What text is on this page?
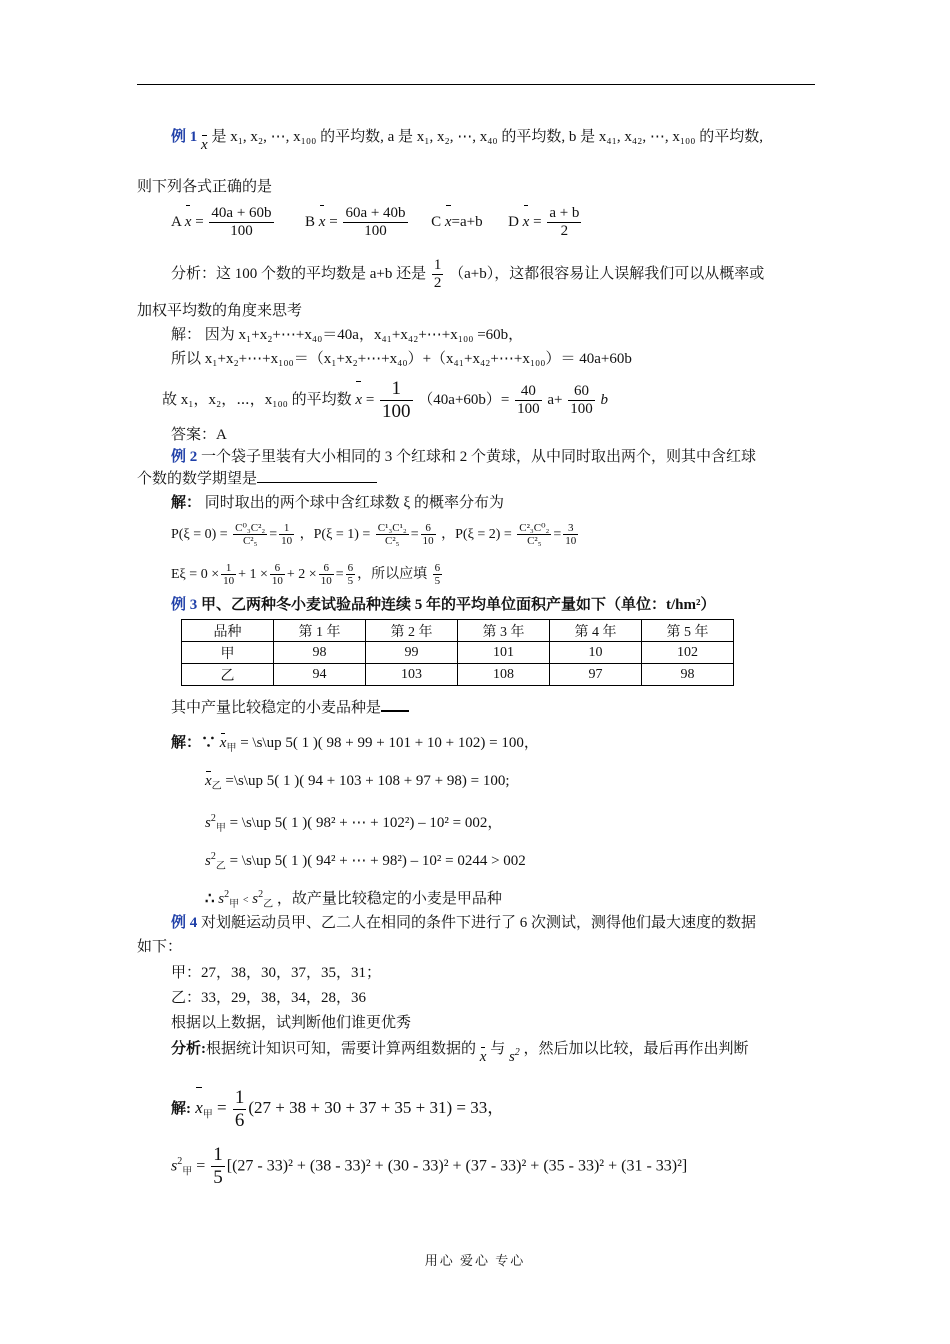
例 1 x 是 x₁, x₂, ⋯, x₁₀₀ 的平均数, a 是 x₁, x₂, ⋯, x₄₀ 的平均数, b 是 x₄₁, x₄₂, ⋯, x₁₀₀ 的平均数,
则下列各式正确的是
A $x = \frac{40a + 60b}{100}$ B $x = \frac{60a + 40b}{100}$ C x=a+b D $x = \frac{a + b}{2}$
分析：这 100 个数的平均数是 a+b 还是 $\frac{1}{2} (a+b)$，这都很容易让人误解我们可以从概率或
加权平均数的角度来思考
解： 因为 x₁+x₂+⋯+x₄₀＝40a，x₄₁+x₄₂+⋯+x₁₀₀ =60b，
所以 x₁+x₂+⋯+x₁₀₀＝（x₁+x₂+⋯+x₄₀）+（x₄₁+x₄₂+⋯+x₁₀₀）＝ 40a+60b
故 x₁，x₂，⋯，x₁₀₀ 的平均数 $x = \frac{1}{100} (40a+60b)= \frac{40}{100} a+ \frac{60}{100}$ b
答案：A
例 2 一个袋子里装有大小相同的 3 个红球和 2 个黄球，从中同时取出两个，则其中含红球
个数的数学期望是
解： 同时取出的两个球中含红球数 ξ 的概率分布为
$P(\xi = 0) = \frac{\text{C⁰₃C²₂}}{\text{C²₅}} = \frac{1}{10}$ ，$P(\xi = 1) = \frac{\text{C¹₃C¹₂}}{\text{C²₅}} = \frac{6}{10}$ ，$P(\xi = 2) = \frac{\text{C²₃C⁰₂}}{\text{C²₅}} = \frac{3}{10}$
$E\xi = 0 \times \frac{1}{10} + 1 \times \frac{6}{10} + 2 \times \frac{6}{10} = \frac{6}{5}$ ，所以应填 $\frac{6}{5}$
例 3 甲、乙两种冬小麦试验品种连续 5 年的平均单位面积产量如下（单位：t/hm²）
品种	第 1 年	第 2 年	第 3 年	第 4 年	第 5 年
甲	98	99	101	10	102
乙	94	103	108	97	98
其中产量比较稳定的小麦品种是
解：∵ $x_甲$ = \s\up 5( 1 )( 98 + 99 + 101 + 10 + 102) = 100，
$x_乙$ =\s\up 5( 1 )( 94 + 103 + 108 + 97 + 98) = 100;
$s^2_甲$ = \s\up 5( 1 )( 98² + ⋯ + 102²) – 10² = 002，
$s^2_乙$ = \s\up 5( 1 )( 94² + ⋯ + 98²) – 10² = 0244 > 002
∴ $s^2_甲 < s^2_乙$ ，故产量比较稳定的小麦是甲品种
例 4 对划艇运动员甲、乙二人在相同的条件下进行了 6 次测试，测得他们最大速度的数据
如下：
甲：27，38，30，37，35，31；
乙：33，29，38，34，28，36
根据以上数据，试判断他们谁更优秀
分析:根据统计知识可知，需要计算两组数据的 x 与 $s^2$ ，然后加以比较，最后再作出判断
解: $x_甲 = \frac{1}{6} (27 + 38 + 30 + 37 + 35 + 31) = 33$，
$s^2_甲 = \frac{1}{5} [(27 - 33)^2 + (38 - 33)^2 + (30 - 33)^2 + (37 - 33)^2 + (35 - 33)^2 + (31 - 33)^2]$
用心 爱心 专心
